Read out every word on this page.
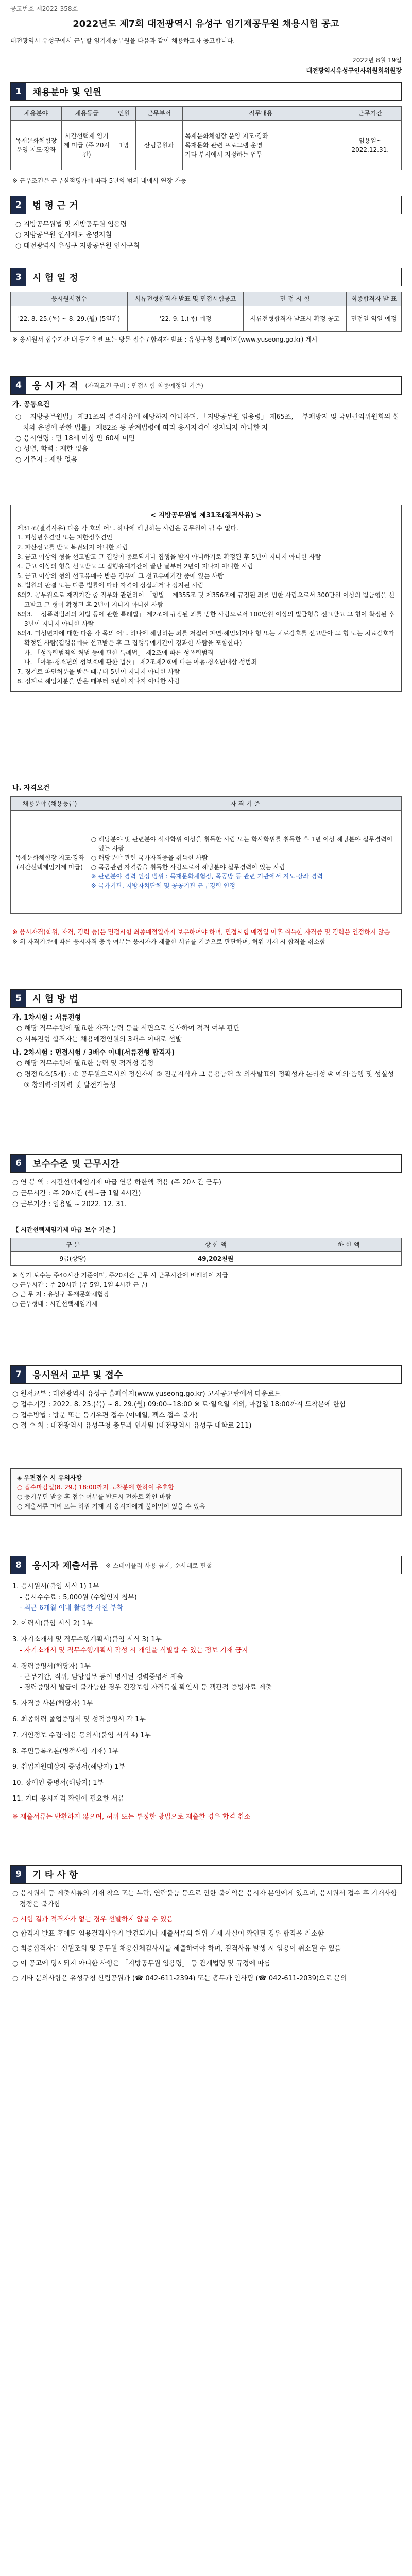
공고번호 제2022-358호
2022년도 제7회 대전광역시 유성구 임기제공무원 채용시험 공고
대전광역시 유성구에서 근무할 임기제공무원을 다음과 같이 채용하고자 공고합니다.
2022년 8월 19일
대전광역시유성구인사위원회위원장
1	채용분야 및 인원
채용분야	채용등급	인원	근무부서	직무내용	근무기간
목재문화체험장 운영 지도·강좌	시간선택제 임기제 마급 (주 20시간)	1명	산림공원과	목재문화체험장 운영 지도·강좌
목재문화 관련 프로그램 운영
기타 부서에서 지정하는 업무	임용일~ 2022.12.31.
※ 근무조건은 근무실적평가에 따라 5년의 범위 내에서 연장 가능
2	법 령 근 거
○ 지방공무원법 및 지방공무원 임용령
○ 지방공무원 인사제도 운영지침
○ 대전광역시 유성구 지방공무원 인사규칙
3	시 험 일 정
응시원서접수	서류전형합격자 발표 및 면접시험공고	면 접 시 험	최종합격자 발 표
'22. 8. 25.(목) ~ 8. 29.(월) (5일간)	'22. 9. 1.(목) 예정	서류전형합격자 발표시 확정 공고	면접일 익일 예정
※ 응시원서 접수기간 내 등기우편 또는 방문 접수 / 합격자 발표 : 유성구청 홈페이지(www.yuseong.go.kr) 게시
4	응 시 자 격	(자격요건 구비 : 면접시험 최종예정일 기준)
가. 공통요건
○ 「지방공무원법」 제31조의 결격사유에 해당하지 아니하며, 「지방공무원 임용령」 제65조, 「부패방지 및 국민권익위원회의 설치와 운영에 관한 법률」 제82조 등 관계법령에 따라 응시자격이 정지되지 아니한 자
○ 응시연령 : 만 18세 이상 만 60세 미만
○ 성별, 학력 : 제한 없음
○ 거주지 : 제한 없음
< 지방공무원법 제31조(결격사유) >
제31조(결격사유) 다음 각 호의 어느 하나에 해당하는 사람은 공무원이 될 수 없다.
1. 피성년후견인 또는 피한정후견인
2. 파산선고를 받고 복권되지 아니한 사람
3. 금고 이상의 형을 선고받고 그 집행이 종료되거나 집행을 받지 아니하기로 확정된 후 5년이 지나지 아니한 사람
4. 금고 이상의 형을 선고받고 그 집행유예기간이 끝난 날부터 2년이 지나지 아니한 사람
5. 금고 이상의 형의 선고유예를 받은 경우에 그 선고유예기간 중에 있는 사람
6. 법원의 판결 또는 다른 법률에 따라 자격이 상실되거나 정지된 사람
6의2. 공무원으로 재직기간 중 직무와 관련하여 「형법」 제355조 및 제356조에 규정된 죄를 범한 사람으로서 300만원 이상의 벌금형을 선고받고 그 형이 확정된 후 2년이 지나지 아니한 사람
6의3. 「성폭력범죄의 처벌 등에 관한 특례법」 제2조에 규정된 죄를 범한 사람으로서 100만원 이상의 벌금형을 선고받고 그 형이 확정된 후 3년이 지나지 아니한 사람
6의4. 미성년자에 대한 다음 각 목의 어느 하나에 해당하는 죄를 저질러 파면·해임되거나 형 또는 치료감호를 선고받아 그 형 또는 치료감호가 확정된 사람(집행유예를 선고받은 후 그 집행유예기간이 경과한 사람을 포함한다)
가. 「성폭력범죄의 처벌 등에 관한 특례법」 제2조에 따른 성폭력범죄
나. 「아동·청소년의 성보호에 관한 법률」 제2조제2호에 따른 아동·청소년대상 성범죄
7. 징계로 파면처분을 받은 때부터 5년이 지나지 아니한 사람
8. 징계로 해임처분을 받은 때부터 3년이 지나지 아니한 사람
나. 자격요건
채용분야 (채용등급)	자 격 기 준
목재문화체험장 지도·강좌 (시간선택제임기제 마급)	○ 해당분야 및 관련분야 석사학위 이상을 취득한 사람 또는 학사학위를 취득한 후 1년 이상 해당분야 실무경력이 있는 사람
○ 해당분야 관련 국가자격증을 취득한 사람
○ 목공관련 자격증을 취득한 사람으로서 해당분야 실무경력이 있는 사람
※ 관련분야 경력 인정 범위 : 목재문화체험장, 목공방 등 관련 기관에서 지도·강좌 경력
※ 국가기관, 지방자치단체 및 공공기관 근무경력 인정
※ 응시자격(학위, 자격, 경력 등)은 면접시험 최종예정일까지 보유하여야 하며, 면접시험 예정일 이후 취득한 자격증 및 경력은 인정하지 않음
※ 위 자격기준에 따른 응시자격 충족 여부는 응시자가 제출한 서류를 기준으로 판단하며, 허위 기재 시 합격을 취소함
5	시 험 방 법
가. 1차시험 : 서류전형
○ 해당 직무수행에 필요한 자격·능력 등을 서면으로 심사하여 적격 여부 판단
○ 서류전형 합격자는 채용예정인원의 3배수 이내로 선발
나. 2차시험 : 면접시험 / 3배수 이내(서류전형 합격자)
○ 해당 직무수행에 필요한 능력 및 적격성 검정
○ 평정요소(5개) : ① 공무원으로서의 정신자세 ② 전문지식과 그 응용능력 ③ 의사발표의 정확성과 논리성 ④ 예의·품행 및 성실성 ⑤ 창의력·의지력 및 발전가능성
6	보수수준 및 근무시간
○ 연 봉 액 : 시간선택제임기제 마급 연봉 하한액 적용 (주 20시간 근무)
○ 근무시간 : 주 20시간 (월~금 1일 4시간)
○ 근무기간 : 임용일 ~ 2022. 12. 31.
【 시간선택제임기제 마급 보수 기준 】
구 분	상 한 액	하 한 액
9급(상당)	49,202천원	-
※ 상기 보수는 주40시간 기준이며, 주20시간 근무 시 근무시간에 비례하여 지급
○ 근무시간 : 주 20시간 (주 5일, 1일 4시간 근무)
○ 근 무 지 : 유성구 목재문화체험장
○ 근무형태 : 시간선택제임기제
7	응시원서 교부 및 접수
○ 원서교부 : 대전광역시 유성구 홈페이지(www.yuseong.go.kr) 고시공고란에서 다운로드
○ 접수기간 : 2022. 8. 25.(목) ~ 8. 29.(월) 09:00~18:00 ※ 토·일요일 제외, 마감일 18:00까지 도착분에 한함
○ 접수방법 : 방문 또는 등기우편 접수 (이메일, 팩스 접수 불가)
○ 접 수 처 : 대전광역시 유성구청 총무과 인사팀 (대전광역시 유성구 대학로 211)
◈ 우편접수 시 유의사항
○ 접수마감일(8. 29.) 18:00까지 도착분에 한하여 유효함
○ 등기우편 발송 후 접수 여부를 반드시 전화로 확인 바람
○ 제출서류 미비 또는 허위 기재 시 응시자에게 불이익이 있을 수 있음
8	응시자 제출서류	※ 스테이플러 사용 금지, 순서대로 편철
1. 응시원서(붙임 서식 1) 1부
- 응시수수료 : 5,000원 (수입인지 첨부)
- 최근 6개월 이내 촬영한 사진 부착
2. 이력서(붙임 서식 2) 1부
3. 자기소개서 및 직무수행계획서(붙임 서식 3) 1부
- 자기소개서 및 직무수행계획서 작성 시 개인을 식별할 수 있는 정보 기재 금지
4. 경력증명서(해당자) 1부
- 근무기간, 직위, 담당업무 등이 명시된 경력증명서 제출
- 경력증명서 발급이 불가능한 경우 건강보험 자격득실 확인서 등 객관적 증빙자료 제출
5. 자격증 사본(해당자) 1부
6. 최종학력 졸업증명서 및 성적증명서 각 1부
7. 개인정보 수집·이용 동의서(붙임 서식 4) 1부
8. 주민등록초본(병적사항 기재) 1부
9. 취업지원대상자 증명서(해당자) 1부
10. 장애인 증명서(해당자) 1부
11. 기타 응시자격 확인에 필요한 서류
※ 제출서류는 반환하지 않으며, 허위 또는 부정한 방법으로 제출한 경우 합격 취소
9	기 타 사 항
○ 응시원서 등 제출서류의 기재 착오 또는 누락, 연락불능 등으로 인한 불이익은 응시자 본인에게 있으며, 응시원서 접수 후 기재사항 정정은 불가함
○ 시험 결과 적격자가 없는 경우 선발하지 않을 수 있음
○ 합격자 발표 후에도 임용결격사유가 발견되거나 제출서류의 허위 기재 사실이 확인된 경우 합격을 취소함
○ 최종합격자는 신원조회 및 공무원 채용신체검사서를 제출하여야 하며, 결격사유 발생 시 임용이 취소될 수 있음
○ 이 공고에 명시되지 아니한 사항은 「지방공무원 임용령」 등 관계법령 및 규정에 따름
○ 기타 문의사항은 유성구청 산림공원과 (☎ 042-611-2394) 또는 총무과 인사팀 (☎ 042-611-2039)으로 문의
